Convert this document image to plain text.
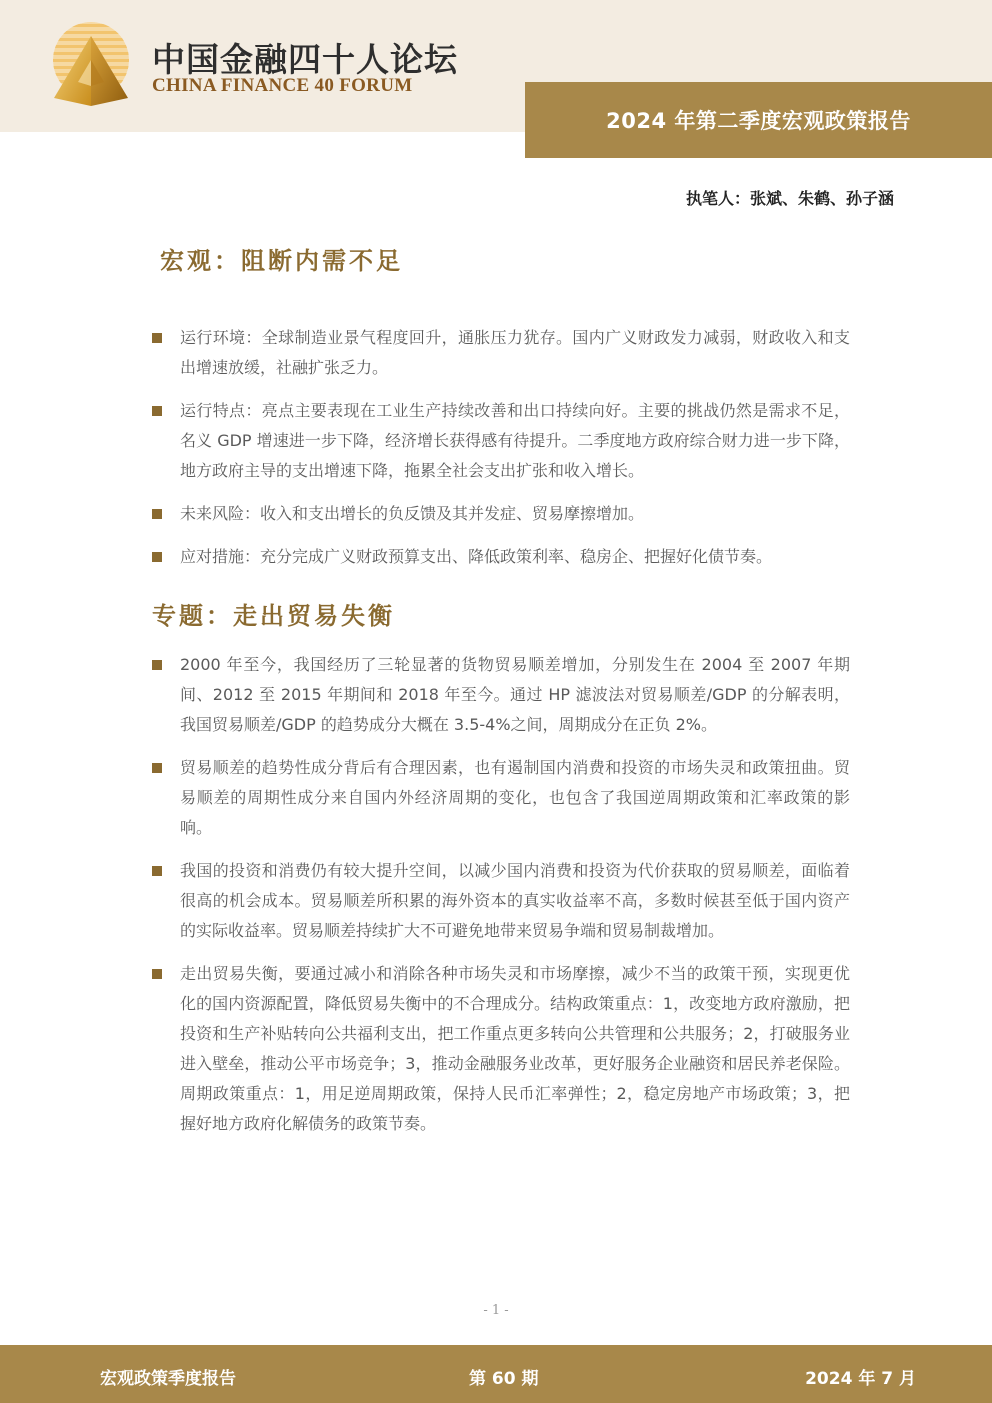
中国金融四十人论坛
CHINA FINANCE 40 FORUM
2024 年第二季度宏观政策报告
执笔人：张斌、朱鹤、孙子涵
宏观：阻断内需不足
运行环境：全球制造业景气程度回升，通胀压力犹存。国内广义财政发力减弱，财政收入和支出增速放缓，社融扩张乏力。
运行特点：亮点主要表现在工业生产持续改善和出口持续向好。主要的挑战仍然是需求不足，名义 GDP 增速进一步下降，经济增长获得感有待提升。二季度地方政府综合财力进一步下降，地方政府主导的支出增速下降，拖累全社会支出扩张和收入增长。
未来风险：收入和支出增长的负反馈及其并发症、贸易摩擦增加。
应对措施：充分完成广义财政预算支出、降低政策利率、稳房企、把握好化债节奏。
专题：走出贸易失衡
2000 年至今，我国经历了三轮显著的货物贸易顺差增加，分别发生在 2004 至 2007 年期间、2012 至 2015 年期间和 2018 年至今。通过 HP 滤波法对贸易顺差/GDP 的分解表明，我国贸易顺差/GDP 的趋势成分大概在 3.5-4%之间，周期成分在正负 2%。
贸易顺差的趋势性成分背后有合理因素，也有遏制国内消费和投资的市场失灵和政策扭曲。贸易顺差的周期性成分来自国内外经济周期的变化，也包含了我国逆周期政策和汇率政策的影响。
我国的投资和消费仍有较大提升空间，以减少国内消费和投资为代价获取的贸易顺差，面临着很高的机会成本。贸易顺差所积累的海外资本的真实收益率不高，多数时候甚至低于国内资产的实际收益率。贸易顺差持续扩大不可避免地带来贸易争端和贸易制裁增加。
走出贸易失衡，要通过减小和消除各种市场失灵和市场摩擦，减少不当的政策干预，实现更优化的国内资源配置，降低贸易失衡中的不合理成分。结构政策重点：1，改变地方政府激励，把投资和生产补贴转向公共福利支出，把工作重点更多转向公共管理和公共服务；2，打破服务业进入壁垒，推动公平市场竞争；3，推动金融服务业改革，更好服务企业融资和居民养老保险。周期政策重点：1，用足逆周期政策，保持人民币汇率弹性；2，稳定房地产市场政策；3，把握好地方政府化解债务的政策节奏。
- 1 -
宏观政策季度报告	第 60 期	2024 年 7 月
